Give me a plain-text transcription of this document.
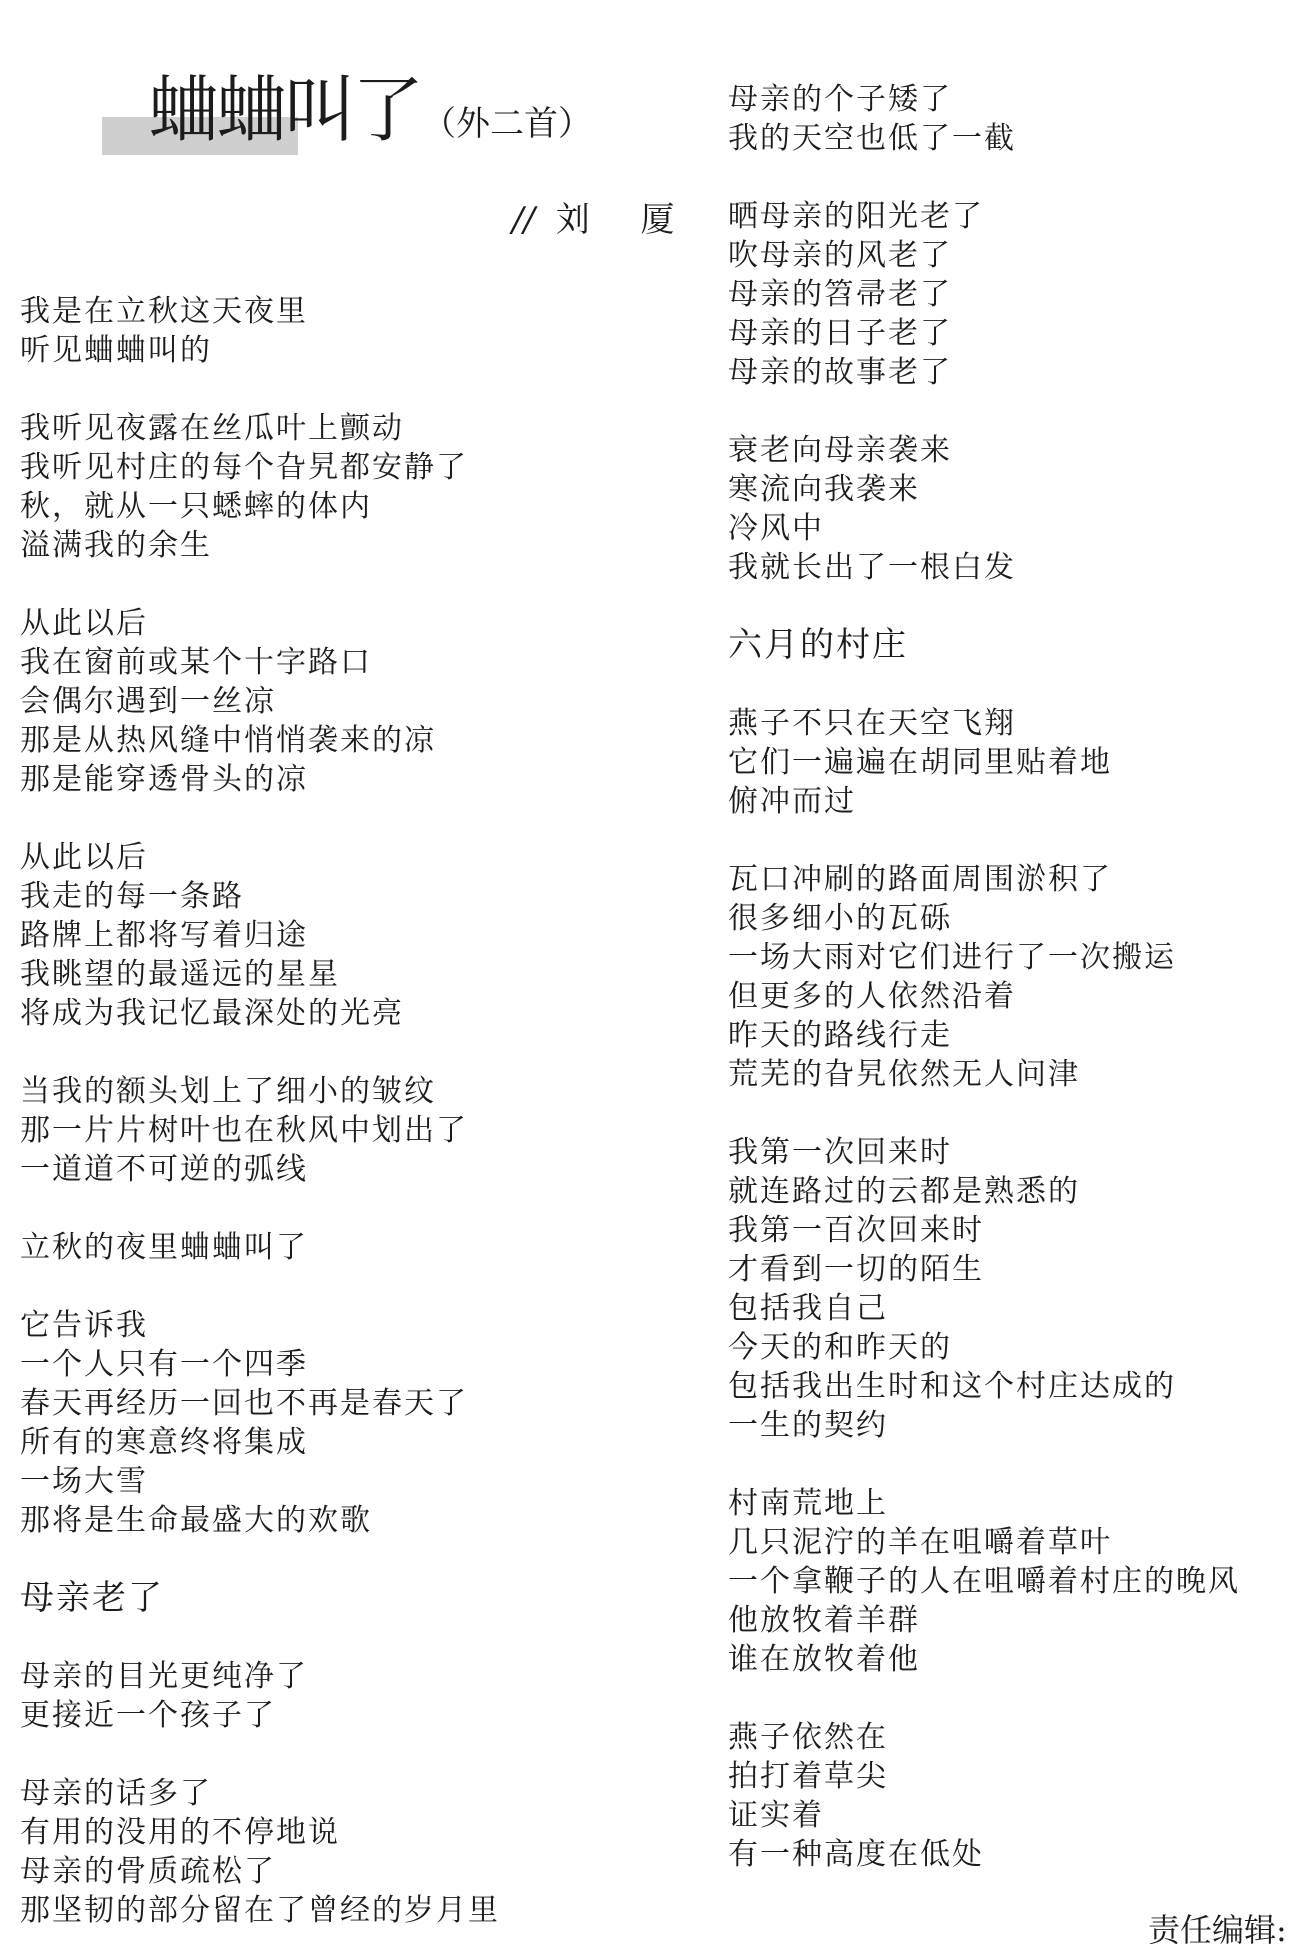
蛐蛐叫了 （外二首）
// 刘 厦
我是在立秋这天夜里
听见蛐蛐叫的
我听见夜露在丝瓜叶上颤动
我听见村庄的每个旮旯都安静了
秋，就从一只蟋蟀的体内
溢满我的余生
从此以后
我在窗前或某个十字路口
会偶尔遇到一丝凉
那是从热风缝中悄悄袭来的凉
那是能穿透骨头的凉
从此以后
我走的每一条路
路牌上都将写着归途
我眺望的最遥远的星星
将成为我记忆最深处的光亮
当我的额头划上了细小的皱纹
那一片片树叶也在秋风中划出了
一道道不可逆的弧线
立秋的夜里蛐蛐叫了
它告诉我
一个人只有一个四季
春天再经历一回也不再是春天了
所有的寒意终将集成
一场大雪
那将是生命最盛大的欢歌
母亲老了
母亲的目光更纯净了
更接近一个孩子了
母亲的话多了
有用的没用的不停地说
母亲的骨质疏松了
那坚韧的部分留在了曾经的岁月里
母亲的个子矮了
我的天空也低了一截
晒母亲的阳光老了
吹母亲的风老了
母亲的笤帚老了
母亲的日子老了
母亲的故事老了
衰老向母亲袭来
寒流向我袭来
冷风中
我就长出了一根白发
六月的村庄
燕子不只在天空飞翔
它们一遍遍在胡同里贴着地
俯冲而过
瓦口冲刷的路面周围淤积了
很多细小的瓦砾
一场大雨对它们进行了一次搬运
但更多的人依然沿着
昨天的路线行走
荒芜的旮旯依然无人问津
我第一次回来时
就连路过的云都是熟悉的
我第一百次回来时
才看到一切的陌生
包括我自己
今天的和昨天的
包括我出生时和这个村庄达成的
一生的契约
村南荒地上
几只泥泞的羊在咀嚼着草叶
一个拿鞭子的人在咀嚼着村庄的晚风
他放牧着羊群
谁在放牧着他
燕子依然在
拍打着草尖
证实着
有一种高度在低处
责任编辑:
